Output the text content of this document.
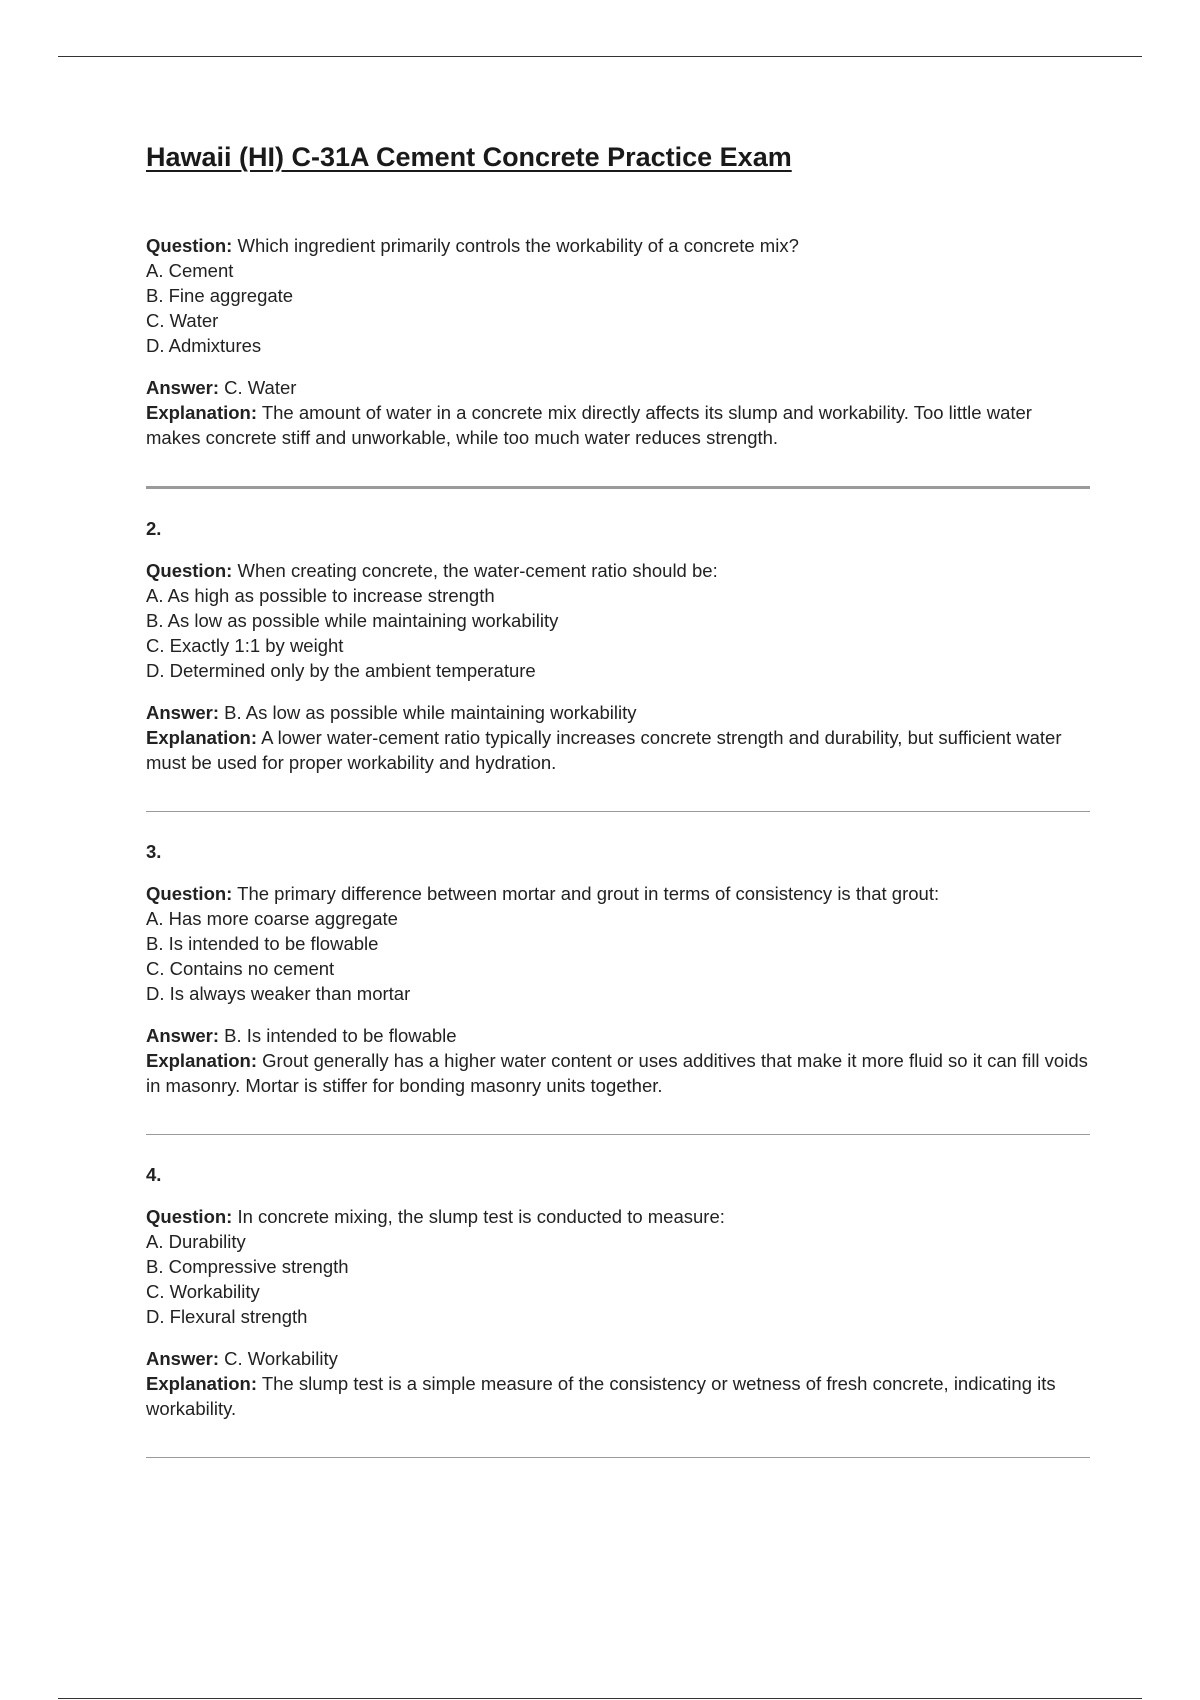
Hawaii (HI) C-31A Cement Concrete Practice Exam

Question: Which ingredient primarily controls the workability of a concrete mix?

A. Cement

B. Fine aggregate

C. Water

D. Admixtures

Answer: C. Water

Explanation: The amount of water in a concrete mix directly affects its slump and workability. Too little water makes concrete stiff and unworkable, while too much water reduces strength.

2.

Question: When creating concrete, the water-cement ratio should be:

A. As high as possible to increase strength

B. As low as possible while maintaining workability

C. Exactly 1:1 by weight

D. Determined only by the ambient temperature

Answer: B. As low as possible while maintaining workability

Explanation: A lower water-cement ratio typically increases concrete strength and durability, but sufficient water must be used for proper workability and hydration.

3.

Question: The primary difference between mortar and grout in terms of consistency is that grout:

A. Has more coarse aggregate

B. Is intended to be flowable

C. Contains no cement

D. Is always weaker than mortar

Answer: B. Is intended to be flowable

Explanation: Grout generally has a higher water content or uses additives that make it more fluid so it can fill voids in masonry. Mortar is stiffer for bonding masonry units together.

4.

Question: In concrete mixing, the slump test is conducted to measure:

A. Durability

B. Compressive strength

C. Workability

D. Flexural strength

Answer: C. Workability

Explanation: The slump test is a simple measure of the consistency or wetness of fresh concrete, indicating its workability.
